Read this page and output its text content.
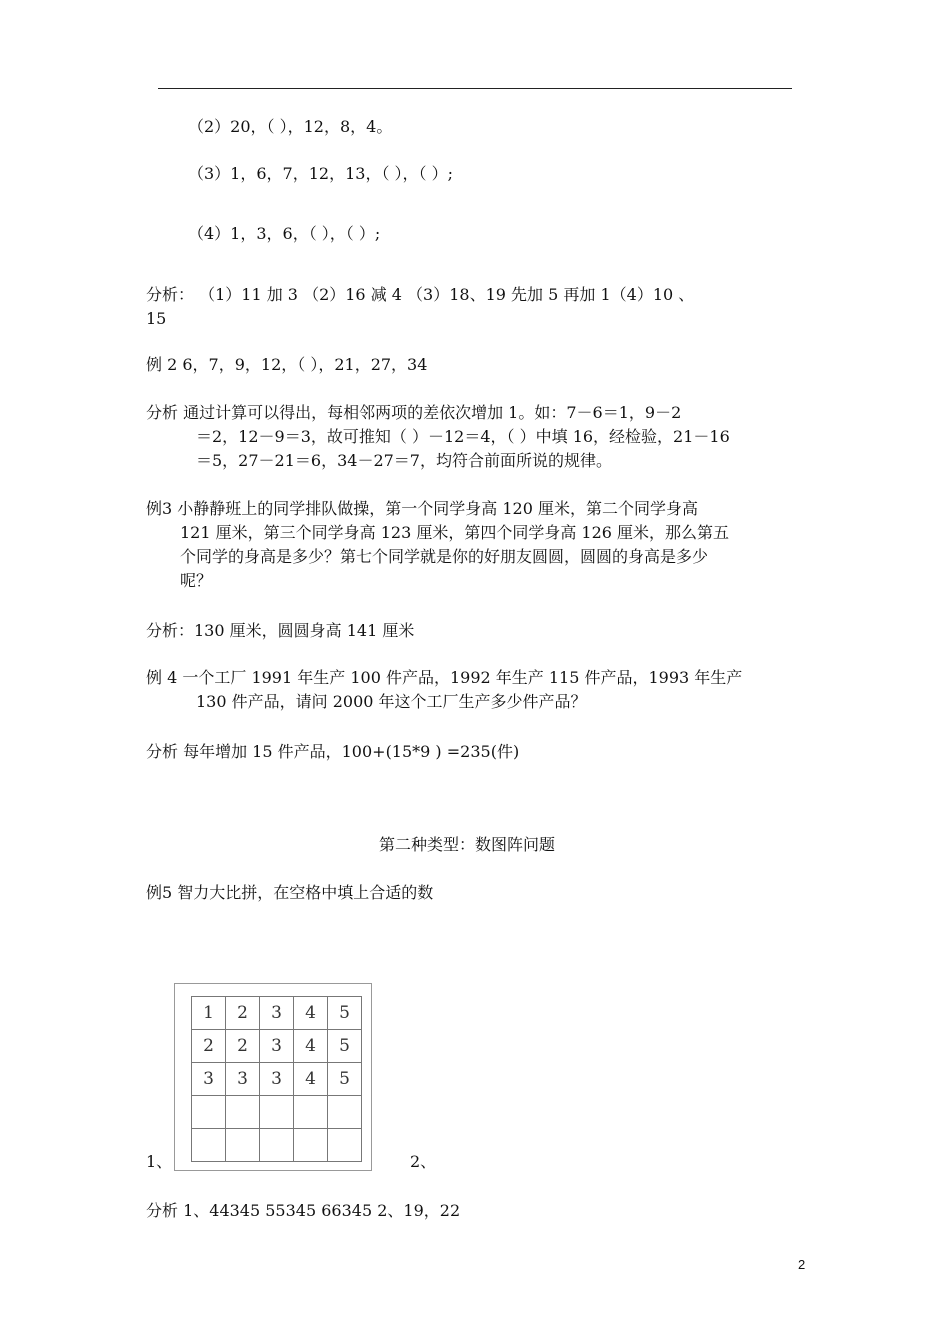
（2）20，（ ），12，8，4。
（3）1，6，7，12，13，（ ），（ ）;
（4）1，3，6，（ ），（ ）;
分析： （1）11 加 3 （2）16 减 4 （3）18、19 先加 5 再加 1（4）10 、
15
例 2 6，7，9，12，（ ），21，27，34
分析 通过计算可以得出，每相邻两项的差依次增加 1。如：7－6＝1，9－2
＝2，12－9＝3，故可推知（ ）－12＝4，（ ）中填 16，经检验，21－16
＝5，27－21＝6，34－27＝7，均符合前面所说的规律。
例3 小静静班上的同学排队做操，第一个同学身高 120 厘米，第二个同学身高
121 厘米，第三个同学身高 123 厘米，第四个同学身高 126 厘米，那么第五
个同学的身高是多少？第七个同学就是你的好朋友圆圆，圆圆的身高是多少
呢？
分析：130 厘米，圆圆身高 141 厘米
例 4 一个工厂 1991 年生产 100 件产品，1992 年生产 115 件产品，1993 年生产
130 件产品，请问 2000 年这个工厂生产多少件产品？
分析 每年增加 15 件产品，100+(15*9 ) =235(件)
第二种类型：数图阵问题
例5 智力大比拼，在空格中填上合适的数
1	2	3	4	5
2	2	3	4	5
3	3	3	4	5

1、	2、
分析 1、44345 55345 66345 2、19，22
2
